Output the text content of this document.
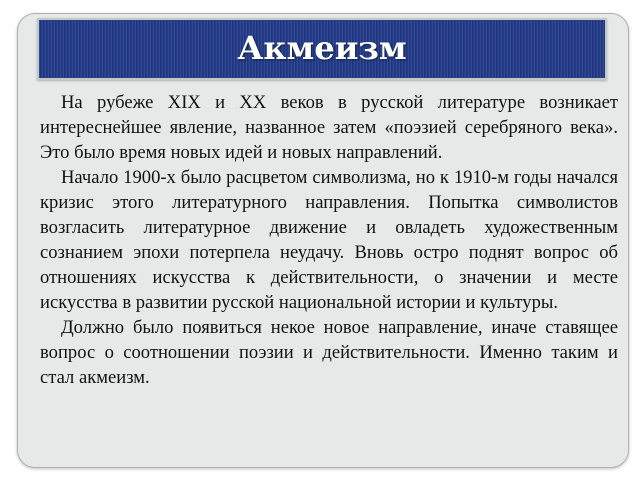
Акмеизм

На рубеже XIX и XX веков в русской литературе возникает интереснейшее явление, названное затем «поэзией серебряного века». Это было время новых идей и новых направлений.

Начало 1900-х было расцветом символизма, но к 1910-м годы начался кризис этого литературного направления. Попытка символистов возгласить литературное движение и овладеть художественным сознанием эпохи потерпела неудачу. Вновь остро поднят вопрос об отношениях искусства к действительности, о значении и месте искусства в развитии русской национальной истории и культуры.

Должно было появиться некое новое направление, иначе ставящее вопрос о соотношении поэзии и действительности. Именно таким и стал акмеизм.
